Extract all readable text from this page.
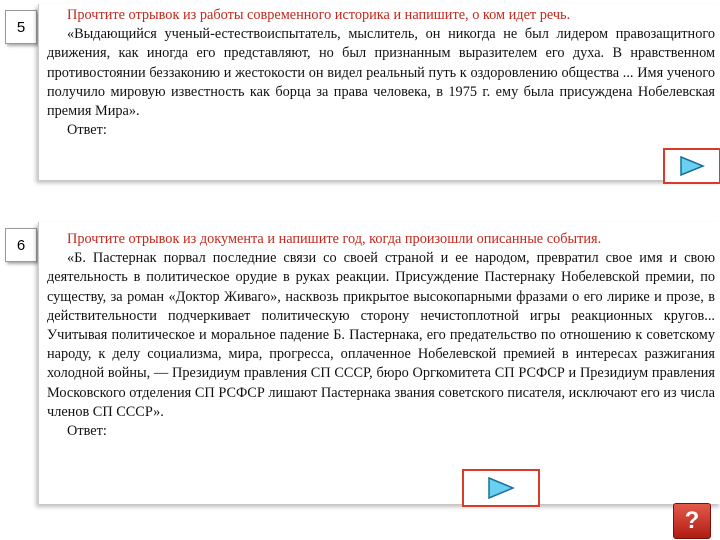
5

Прочтите отрывок из работы современного историка и напишите, о ком идет речь.

«Выдающийся ученый-естествоиспытатель, мыслитель, он никогда не был лидером правозащитного движения, как иногда его представляют, но был признанным выразителем его духа. В нравственном противостоянии беззаконию и жестокости он видел реальный путь к оздоровлению общества ... Имя ученого получило мировую известность как борца за права человека, в 1975 г. ему была присуждена Нобелевская премия Мира».

Ответ:

6	Прочтите отрывок из документа и напишите год, когда произошли описанные события.

«Б. Пастернак порвал последние связи со своей страной и ее народом, превратил свое имя и свою деятельность в политическое орудие в руках реакции. Присуждение Пастернаку Нобелевской премии, по существу, за роман «Доктор Живаго», насквозь прикрытое высокопарными фразами о его лирике и прозе, в действительности подчеркивает политическую сторону нечистоплотной игры реакционных кругов... Учитывая политическое и моральное падение Б. Пастернака, его предательство по отношению к советскому народу, к делу социализма, мира, прогресса, оплаченное Нобелевской премией в интересах разжигания холодной войны, — Президиум правления СП СССР, бюро Оргкомитета СП РСФСР и Президиум правления Московского отделения СП РСФСР лишают Пастернака звания советского писателя, исключают его из числа членов СП СССР».

Ответ:

?
